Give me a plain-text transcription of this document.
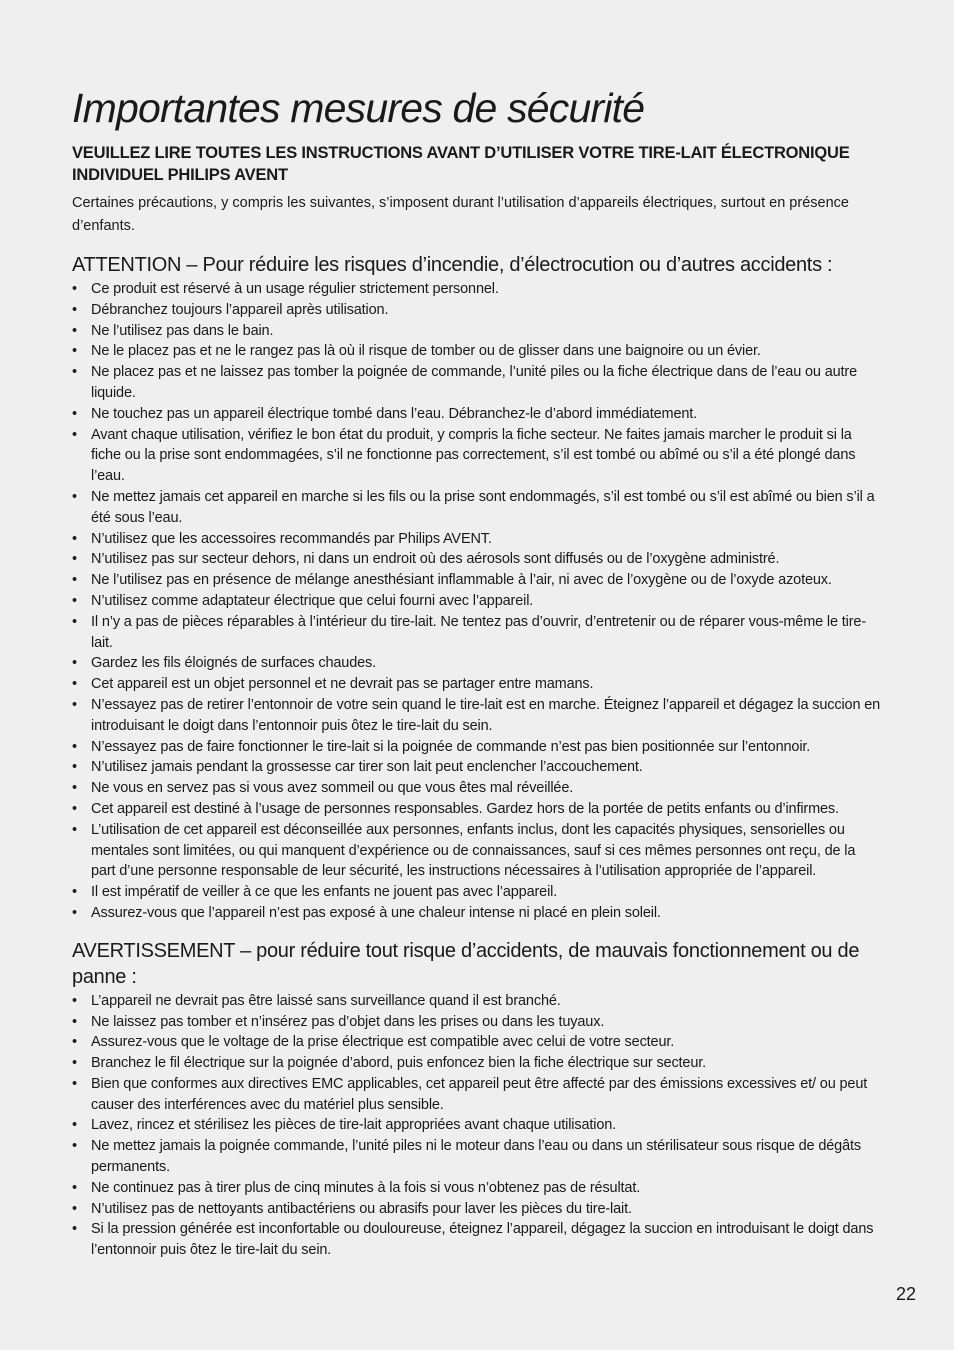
Importantes mesures de sécurité

VEUILLEZ LIRE TOUTES LES INSTRUCTIONS AVANT D’UTILISER VOTRE TIRE-LAIT ÉLECTRONIQUE INDIVIDUEL PHILIPS AVENT

Certaines précautions, y compris les suivantes, s’imposent durant l’utilisation d’appareils électriques, surtout en présence d’enfants.

ATTENTION – Pour réduire les risques d’incendie, d’électrocution ou d’autres accidents :
• Ce produit est réservé à un usage régulier strictement personnel.
• Débranchez toujours l’appareil après utilisation.
• Ne l’utilisez pas dans le bain.
• Ne le placez pas et ne le rangez pas là où il risque de tomber ou de glisser dans une baignoire ou un évier.
• Ne placez pas et ne laissez pas tomber la poignée de commande, l’unité piles ou la fiche électrique dans de l’eau ou autre liquide.
• Ne touchez pas un appareil électrique tombé dans l’eau. Débranchez-le d’abord immédiatement.
• Avant chaque utilisation, vérifiez le bon état du produit, y compris la fiche secteur. Ne faites jamais marcher le produit si la fiche ou la prise sont endommagées, s’il ne fonctionne pas correctement, s’il est tombé ou abîmé ou s’il a été plongé dans l’eau.
• Ne mettez jamais cet appareil en marche si les fils ou la prise sont endommagés, s’il est tombé ou s’il est abîmé ou bien s’il a été sous l’eau.
• N’utilisez que les accessoires recommandés par Philips AVENT.
• N’utilisez pas sur secteur dehors, ni dans un endroit où des aérosols sont diffusés ou de l’oxygène administré.
• Ne l’utilisez pas en présence de mélange anesthésiant inflammable à l’air, ni avec de l’oxygène ou de l’oxyde azoteux.
• N’utilisez comme adaptateur électrique que celui fourni avec l’appareil.
• Il n’y a pas de pièces réparables à l’intérieur du tire-lait. Ne tentez pas d’ouvrir, d’entretenir ou de réparer vous-même le tire-lait.
• Gardez les fils éloignés de surfaces chaudes.
• Cet appareil est un objet personnel et ne devrait pas se partager entre mamans.
• N’essayez pas de retirer l’entonnoir de votre sein quand le tire-lait est en marche. Éteignez l’appareil et dégagez la succion en introduisant le doigt dans l’entonnoir puis ôtez le tire-lait du sein.
• N’essayez pas de faire fonctionner le tire-lait si la poignée de commande n’est pas bien positionnée sur l’entonnoir.
• N’utilisez jamais pendant la grossesse car tirer son lait peut enclencher l’accouchement.
• Ne vous en servez pas si vous avez sommeil ou que vous êtes mal réveillée.
• Cet appareil est destiné à l’usage de personnes responsables. Gardez hors de la portée de petits enfants ou d’infirmes.
• L’utilisation de cet appareil est déconseillée aux personnes, enfants inclus, dont les capacités physiques, sensorielles ou mentales sont limitées, ou qui manquent d’expérience ou de connaissances, sauf si ces mêmes personnes ont reçu, de la part d’une personne responsable de leur sécurité, les instructions nécessaires à l’utilisation appropriée de l’appareil.
• Il est impératif de veiller à ce que les enfants ne jouent pas avec l’appareil.
• Assurez-vous que l’appareil n’est pas exposé à une chaleur intense ni placé en plein soleil.
AVERTISSEMENT – pour réduire tout risque d’accidents, de mauvais fonctionnement ou de panne :
• L’appareil ne devrait pas être laissé sans surveillance quand il est branché.
• Ne laissez pas tomber et n’insérez pas d’objet dans les prises ou dans les tuyaux.
• Assurez-vous que le voltage de la prise électrique est compatible avec celui de votre secteur.
• Branchez le fil électrique sur la poignée d’abord, puis enfoncez bien la fiche électrique sur secteur.
• Bien que conformes aux directives EMC applicables, cet appareil peut être affecté par des émissions excessives et/ ou peut causer des interférences avec du matériel plus sensible.
• Lavez, rincez et stérilisez les pièces de tire-lait appropriées avant chaque utilisation.
• Ne mettez jamais la poignée commande, l’unité piles ni le moteur dans l’eau ou dans un stérilisateur sous risque de dégâts permanents.
• Ne continuez pas à tirer plus de cinq minutes à la fois si vous n’obtenez pas de résultat.
• N’utilisez pas de nettoyants antibactériens ou abrasifs pour laver les pièces du tire-lait.
• Si la pression générée est inconfortable ou douloureuse, éteignez l’appareil, dégagez la succion en introduisant le doigt dans l’entonnoir puis ôtez le tire-lait du sein.
22
